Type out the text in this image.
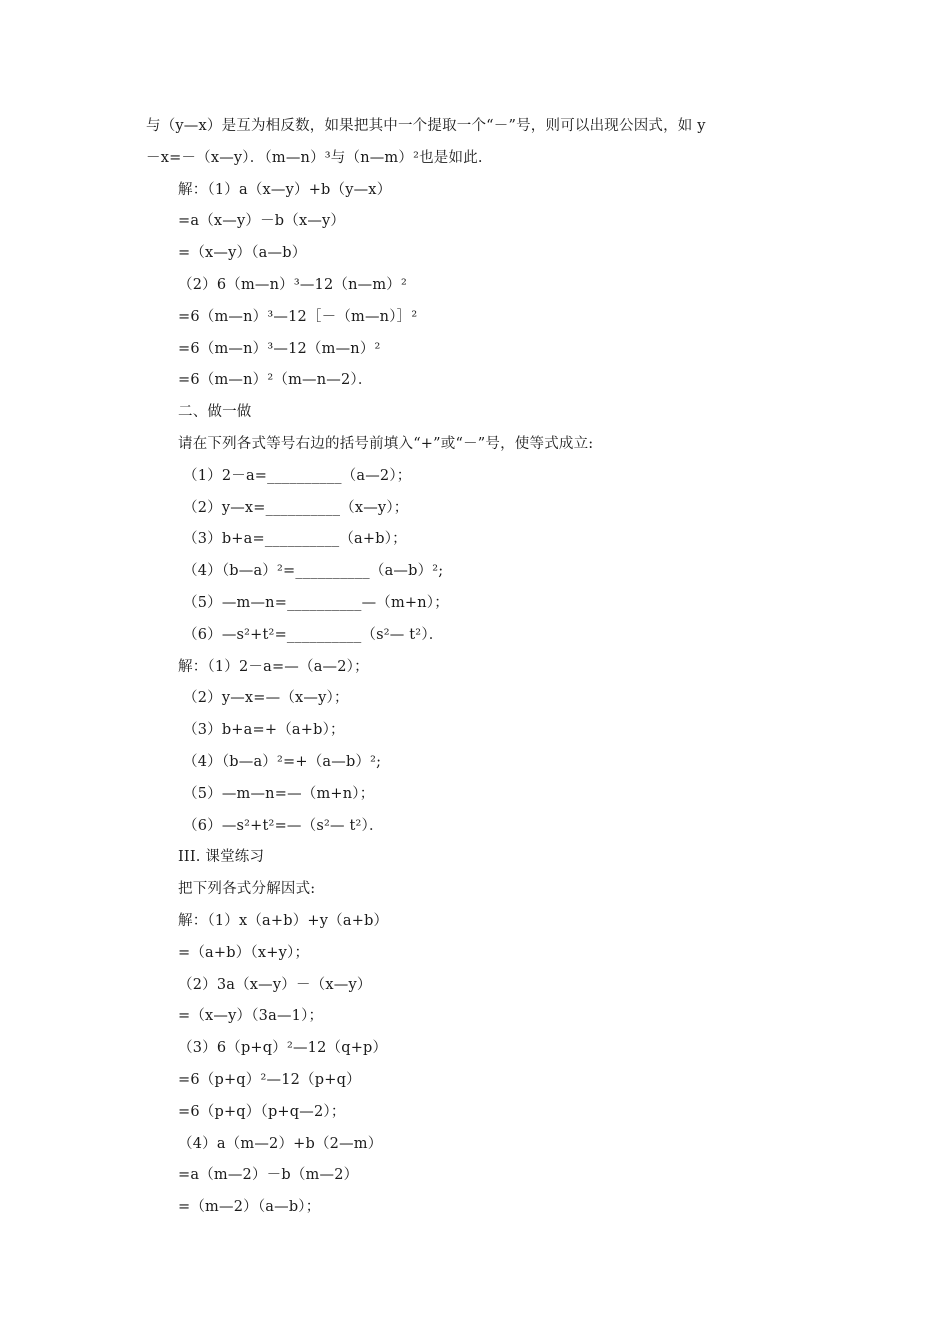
与（y—x）是互为相反数，如果把其中一个提取一个“－”号，则可以出现公因式，如 y
－x=－（x—y）．（m—n）³与（n—m）²也是如此.
解：（1）a（x—y）+b（y—x）
=a（x—y）－b（x—y）
=（x—y）（a—b）
（2）6（m—n）³—12（n—m）²
=6（m—n）³—12［－（m—n）］²
=6（m—n）³—12（m—n）²
=6（m—n）²（m—n—2）．
二、做一做
请在下列各式等号右边的括号前填入“+”或“－”号，使等式成立:
（1）2－a=__________（a—2）；
（2）y—x=__________（x—y）；
（3）b+a=__________（a+b）；
（4）（b—a）²=__________（a—b）²;
（5）—m—n=__________—（m+n）；
（6）—s²+t²=__________（s²— t²）．
解：（1）2－a=—（a—2）；
（2）y—x=—（x—y）；
（3）b+a=+（a+b）；
（4）（b—a）²=+（a—b）²;
（5）—m—n=—（m+n）；
（6）—s²+t²=—（s²— t²）．
III. 课堂练习
把下列各式分解因式:
解：（1）x（a+b）+y（a+b）
=（a+b）（x+y）；
（2）3a（x—y）－（x—y）
=（x—y）（3a—1）；
（3）6（p+q）²—12（q+p）
=6（p+q）²—12（p+q）
=6（p+q）（p+q—2）；
（4）a（m—2）+b（2—m）
=a（m—2）－b（m—2）
=（m—2）（a—b）；
